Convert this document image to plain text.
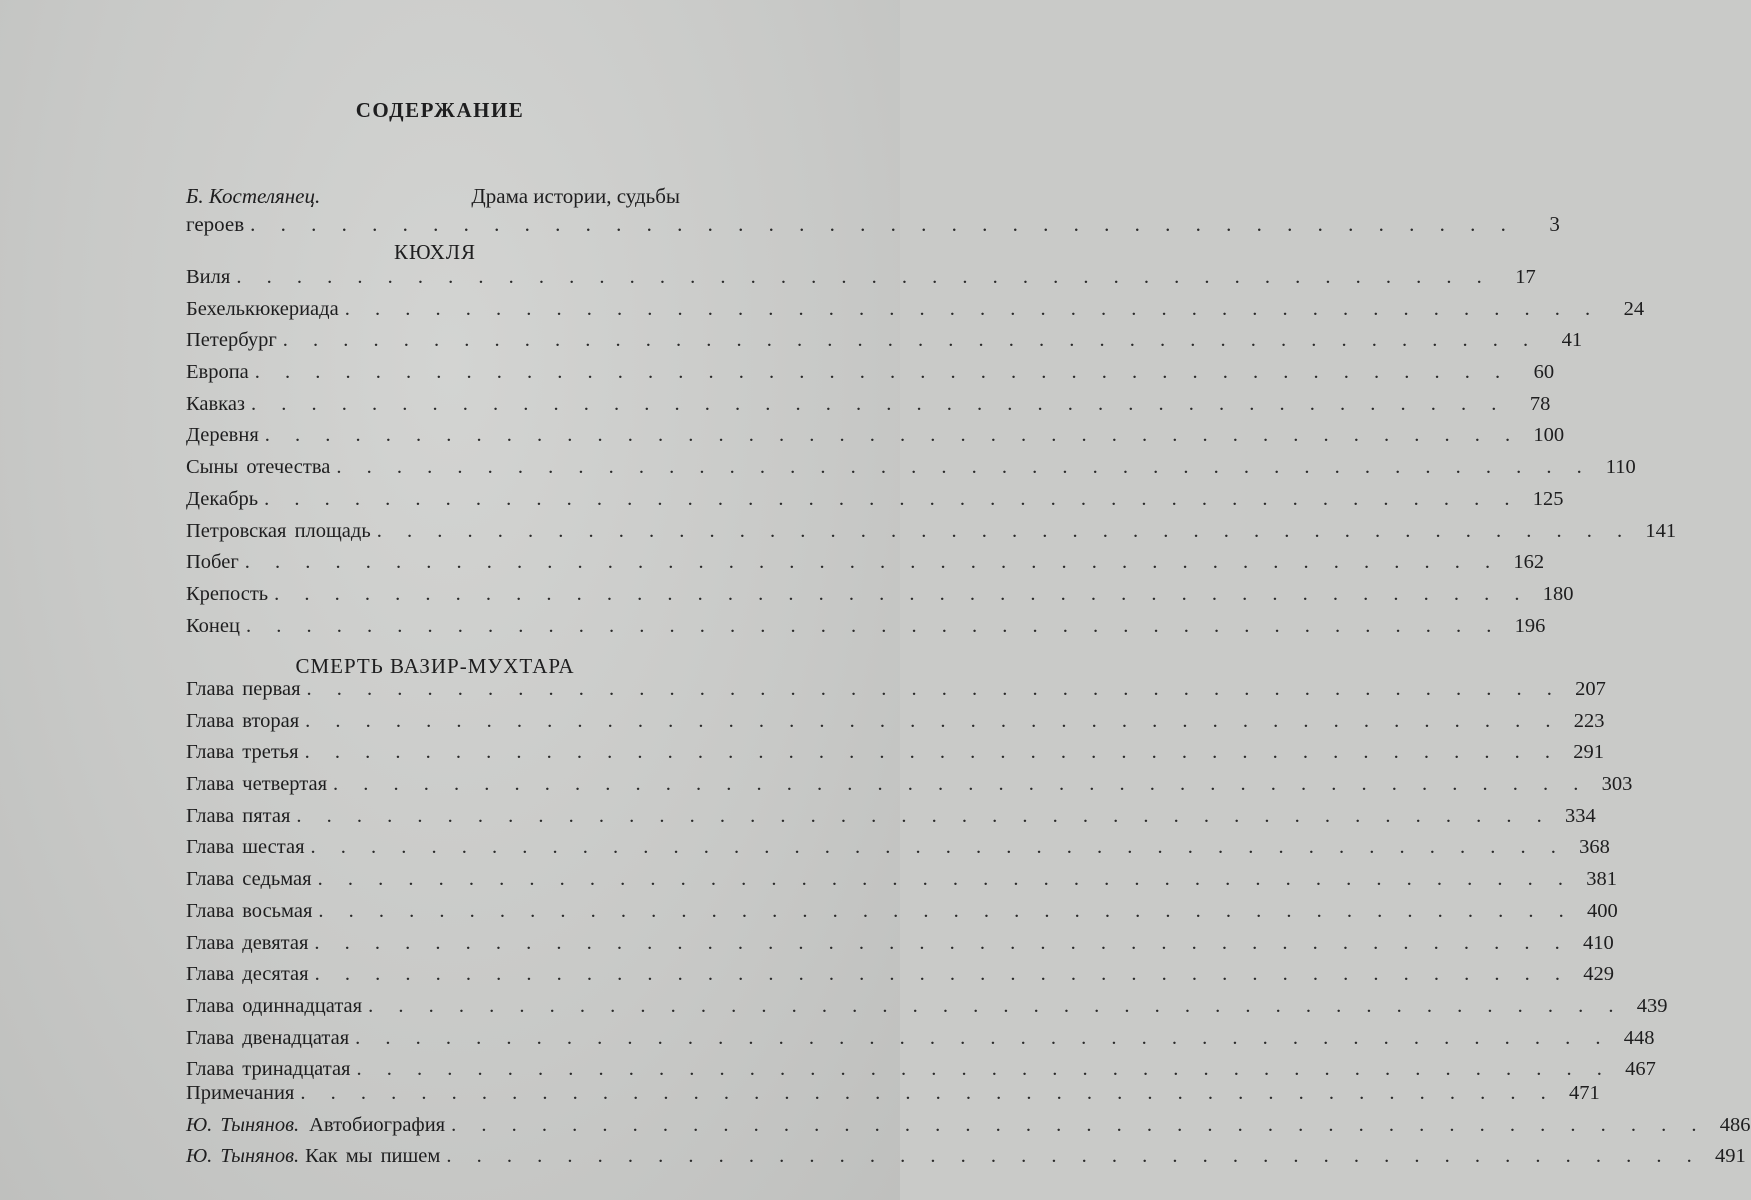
СОДЕРЖАНИЕ
Б. Костелянец.	Драма истории, судьбы
героев . . . . . . . . . . . . . . . . . . . . . . . . . . . . . . . . . . . . . . . . . .	3
КЮХЛЯ
Виля . . . . . . . . . . . . . . . . . . . . . . . . . . . . . . . . . . . . . . . . . .	17
Бехелькюкериада . . . . . . . . . . . . . . . . . . . . . . . . . . . . . . . . . . . . . . . . . .	24
Петербург . . . . . . . . . . . . . . . . . . . . . . . . . . . . . . . . . . . . . . . . . .	41
Европа . . . . . . . . . . . . . . . . . . . . . . . . . . . . . . . . . . . . . . . . . .	60
Кавказ . . . . . . . . . . . . . . . . . . . . . . . . . . . . . . . . . . . . . . . . . .	78
Деревня . . . . . . . . . . . . . . . . . . . . . . . . . . . . . . . . . . . . . . . . . . 100
Сыны отечества . . . . . . . . . . . . . . . . . . . . . . . . . . . . . . . . . . . . . . . . . . 110
Декабрь . . . . . . . . . . . . . . . . . . . . . . . . . . . . . . . . . . . . . . . . . . 125
Петровская площадь . . . . . . . . . . . . . . . . . . . . . . . . . . . . . . . . . . . . . . . . . . 141
Побег . . . . . . . . . . . . . . . . . . . . . . . . . . . . . . . . . . . . . . . . . . 162
Крепость . . . . . . . . . . . . . . . . . . . . . . . . . . . . . . . . . . . . . . . . . . 180
Конец . . . . . . . . . . . . . . . . . . . . . . . . . . . . . . . . . . . . . . . . . . 196
СМЕРТЬ ВАЗИР-МУХТАРА
Глава первая . . . . . . . . . . . . . . . . . . . . . . . . . . . . . . . . . . . . . . . . . . 207
Глава вторая . . . . . . . . . . . . . . . . . . . . . . . . . . . . . . . . . . . . . . . . . . 223
Глава третья . . . . . . . . . . . . . . . . . . . . . . . . . . . . . . . . . . . . . . . . . . 291
Глава четвертая . . . . . . . . . . . . . . . . . . . . . . . . . . . . . . . . . . . . . . . . . . 303
Глава пятая . . . . . . . . . . . . . . . . . . . . . . . . . . . . . . . . . . . . . . . . . . 334
Глава шестая . . . . . . . . . . . . . . . . . . . . . . . . . . . . . . . . . . . . . . . . . . 368
Глава седьмая . . . . . . . . . . . . . . . . . . . . . . . . . . . . . . . . . . . . . . . . . . 381
Глава восьмая . . . . . . . . . . . . . . . . . . . . . . . . . . . . . . . . . . . . . . . . . . 400
Глава девятая . . . . . . . . . . . . . . . . . . . . . . . . . . . . . . . . . . . . . . . . . . 410
Глава десятая . . . . . . . . . . . . . . . . . . . . . . . . . . . . . . . . . . . . . . . . . . 429
Глава одиннадцатая . . . . . . . . . . . . . . . . . . . . . . . . . . . . . . . . . . . . . . . . . . 439
Глава двенадцатая . . . . . . . . . . . . . . . . . . . . . . . . . . . . . . . . . . . . . . . . . . 448
Глава тринадцатая . . . . . . . . . . . . . . . . . . . . . . . . . . . . . . . . . . . . . . . . . . 467
Примечания . . . . . . . . . . . . . . . . . . . . . . . . . . . . . . . . . . . . . . . . . . 471
Ю. Тынянов. Автобиография . . . . . . . . . . . . . . . . . . . . . . . . . . . . . . . . . . . . . . . . . . 486
Ю. Тынянов. Как мы пишем . . . . . . . . . . . . . . . . . . . . . . . . . . . . . . . . . . . . . . . . . . 491
